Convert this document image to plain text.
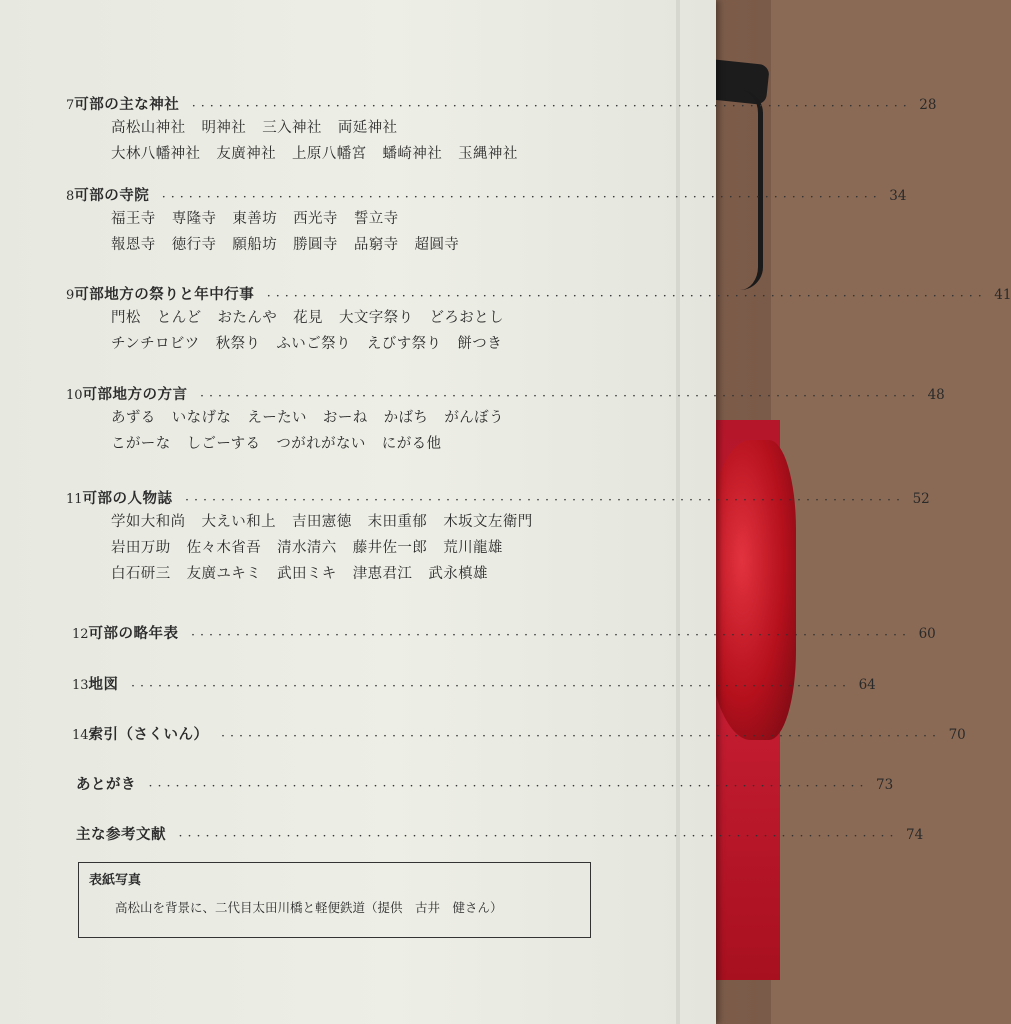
7 可部の主な神社 ・・・・・・・・・・・・・・・・・・・・・・・・・・・・・・・・・・・・・・・・・・・・・・・・・・・・・・・・・・・・・・・・・・・・・・・・・・・・・・・・ 28
高松山神社 明神社 三入神社 両延神社
大林八幡神社 友廣神社 上原八幡宮 蟠崎神社 玉縄神社
8 可部の寺院 ・・・・・・・・・・・・・・・・・・・・・・・・・・・・・・・・・・・・・・・・・・・・・・・・・・・・・・・・・・・・・・・・・・・・・・・・・・・・・・・・ 34
福王寺 専隆寺 東善坊 西光寺 誓立寺
報恩寺 徳行寺 願船坊 勝圓寺 品窮寺 超圓寺
9 可部地方の祭りと年中行事 ・・・・・・・・・・・・・・・・・・・・・・・・・・・・・・・・・・・・・・・・・・・・・・・・・・・・・・・・・・・・・・・・・・・・・・・・・・・・・・・・ 41
門松 とんど おたんや 花見 大文字祭り どろおとし
チンチロビツ 秋祭り ふいご祭り えびす祭り 餅つき
10 可部地方の方言 ・・・・・・・・・・・・・・・・・・・・・・・・・・・・・・・・・・・・・・・・・・・・・・・・・・・・・・・・・・・・・・・・・・・・・・・・・・・・・・・・ 48
あずる いなげな えーたい おーね かばち がんぼう
こがーな しごーする つがれがない にがる他
11 可部の人物誌 ・・・・・・・・・・・・・・・・・・・・・・・・・・・・・・・・・・・・・・・・・・・・・・・・・・・・・・・・・・・・・・・・・・・・・・・・・・・・・・・・ 52
学如大和尚 大えい和上 吉田憲徳 末田重郁 木坂文左衛門
岩田万助 佐々木省吾 清水清六 藤井佐一郎 荒川龍雄
白石研三 友廣ユキミ 武田ミキ 津恵君江 武永槙雄
12 可部の略年表 ・・・・・・・・・・・・・・・・・・・・・・・・・・・・・・・・・・・・・・・・・・・・・・・・・・・・・・・・・・・・・・・・・・・・・・・・・・・・・・・・ 60
13 地図 ・・・・・・・・・・・・・・・・・・・・・・・・・・・・・・・・・・・・・・・・・・・・・・・・・・・・・・・・・・・・・・・・・・・・・・・・・・・・・・・・ 64
14 索引（さくいん） ・・・・・・・・・・・・・・・・・・・・・・・・・・・・・・・・・・・・・・・・・・・・・・・・・・・・・・・・・・・・・・・・・・・・・・・・・・・・・・・・ 70
あとがき ・・・・・・・・・・・・・・・・・・・・・・・・・・・・・・・・・・・・・・・・・・・・・・・・・・・・・・・・・・・・・・・・・・・・・・・・・・・・・・・・ 73
主な参考文献 ・・・・・・・・・・・・・・・・・・・・・・・・・・・・・・・・・・・・・・・・・・・・・・・・・・・・・・・・・・・・・・・・・・・・・・・・・・・・・・・・ 74
表紙写真
高松山を背景に、二代目太田川橋と軽便鉄道（提供　古井　健さん）
